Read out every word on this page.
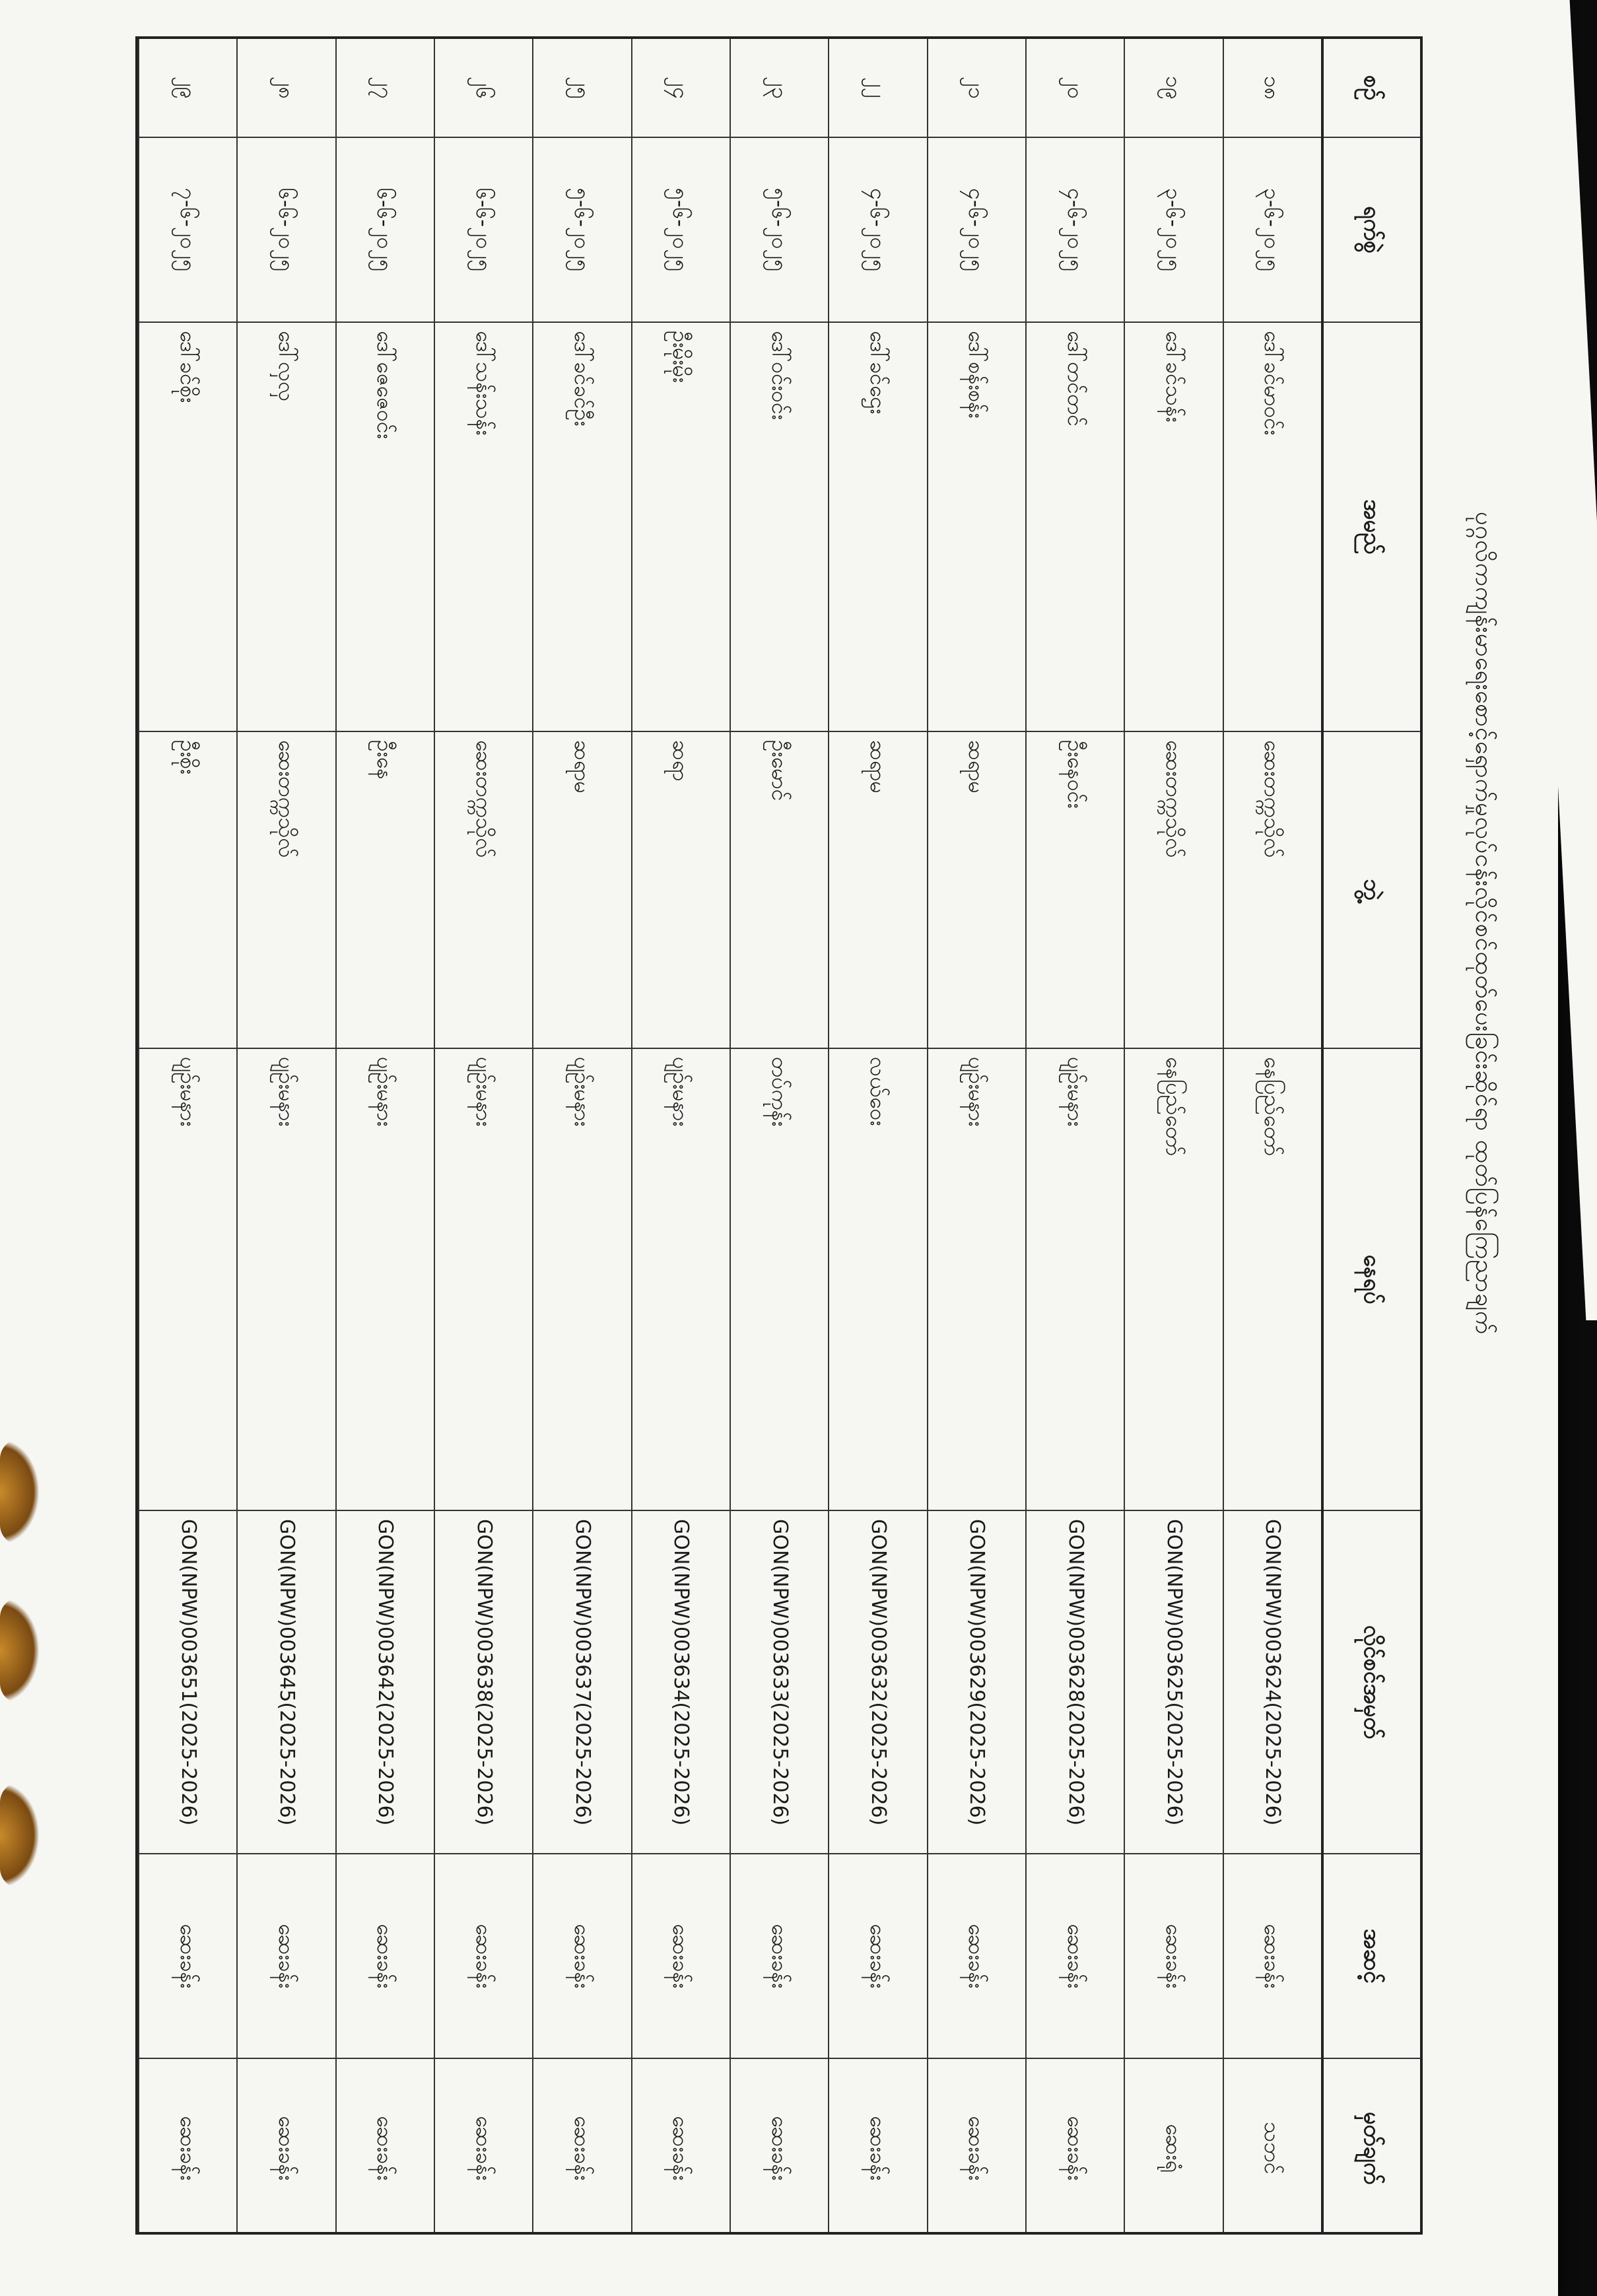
ပုဂ္ဂလိကကျန်းမာရေးစောင့်ရှောက်မှုလုပ်ငန်းလိုင်စင်ထုတ်ပေးခြင်းဆိုင်ရာ ထုတ်ပြန်ကြေညာချက်
စဉ်
ရက်စွဲ
အမည်
ဘွဲ့
နေရပ်
လိုင်စင်အမှတ်
အဆင့်
မှတ်ချက်
၁၈
၃-၆-၂၀၂၅
ဒေါ်ခင်မာဝင်း
ဆေးတက္ကသိုလ်
နေပြည်တော်
GON(NPW)003624(2025-2026)
ဆေးခန်း
သဘင်
၁၉
၃-၆-၂၀၂၅
ဒေါ်ခင်သန်း
ဆေးတက္ကသိုလ်
နေပြည်တော်
GON(NPW)003625(2025-2026)
ဆေးခန်း
ဆေးရုံ
၂၀
၄-၆-၂၀၂၅
ဒေါ်တင်တင်
ဦးနေဝင်း
ပျဉ်းမနား
GON(NPW)003628(2025-2026)
ဆေးခန်း
ဆေးခန်း
၂၁
၄-၆-၂၀၂၅
ဒေါ်စန်းစန်း
ဆရာမ
ပျဉ်းမနား
GON(NPW)003629(2025-2026)
ဆေးခန်း
ဆေးခန်း
၂၂
၄-၆-၂၀၂၅
ဒေါ်ခင်ဌေး
ဆရာမ
လယ်ဝေး
GON(NPW)003632(2025-2026)
ဆေးခန်း
ဆေးခန်း
၂၃
၅-၆-၂၀၂၅
ဒေါ်ဝင်းဝင်း
ဦးမောင်
တပ်ကုန်း
GON(NPW)003633(2025-2026)
ဆေးခန်း
ဆေးခန်း
၂၄
၅-၆-၂၀၂၅
ဦးမိုးမိုး
ဆရာ
ပျဉ်းမနား
GON(NPW)003634(2025-2026)
ဆေးခန်း
ဆေးခန်း
၂၅
၅-၆-၂၀၂၅
ဒေါ်ခင်ခင်ဦး
ဆရာမ
ပျဉ်းမနား
GON(NPW)003637(2025-2026)
ဆေးခန်း
ဆေးခန်း
၂၆
၆-၆-၂၀၂၅
ဒေါ်သန်းသန်း
ဆေးတက္ကသိုလ်
ပျဉ်းမနား
GON(NPW)003638(2025-2026)
ဆေးခန်း
ဆေးခန်း
၂၇
၆-၆-၂၀၂၅
ဒေါ်ဇေဇေဝင်း
ဦးနေ
ပျဉ်းမနား
GON(NPW)003642(2025-2026)
ဆေးခန်း
ဆေးခန်း
၂၈
၆-၆-၂၀၂၅
ဒေါ်လှလှ
ဆေးတက္ကသိုလ်
ပျဉ်းမနား
GON(NPW)003645(2025-2026)
ဆေးခန်း
ဆေးခန်း
၂၉
၇-၆-၂၀၂၅
ဒေါ်ခင်စိုး
ဦးစိုး
ပျဉ်းမနား
GON(NPW)003651(2025-2026)
ဆေးခန်း
ဆေးခန်း
